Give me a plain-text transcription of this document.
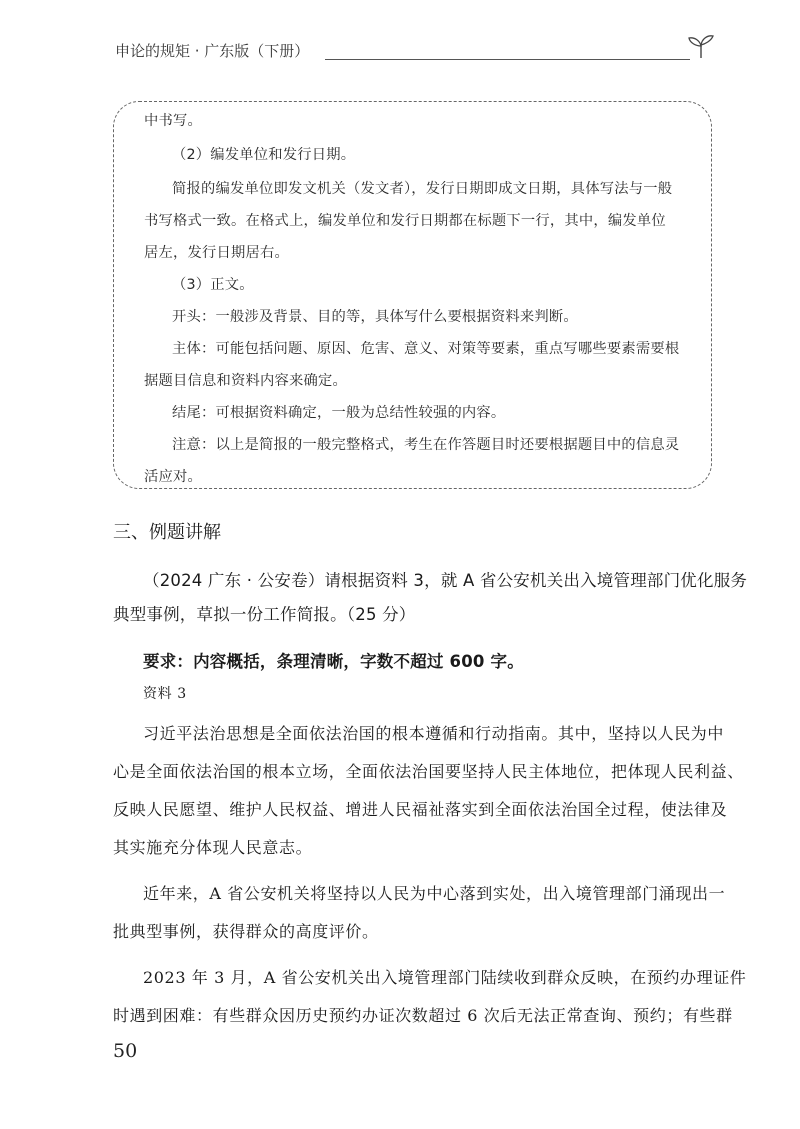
申论的规矩 · 广东版（下册）
中书写。
（2）编发单位和发行日期。
简报的编发单位即发文机关（发文者），发行日期即成文日期，具体写法与一般
书写格式一致。在格式上，编发单位和发行日期都在标题下一行，其中，编发单位
居左，发行日期居右。
（3）正文。
开头：一般涉及背景、目的等，具体写什么要根据资料来判断。
主体：可能包括问题、原因、危害、意义、对策等要素，重点写哪些要素需要根
据题目信息和资料内容来确定。
结尾：可根据资料确定，一般为总结性较强的内容。
注意：以上是简报的一般完整格式，考生在作答题目时还要根据题目中的信息灵
活应对。
三、例题讲解
（2024 广东 · 公安卷）请根据资料 3，就 A 省公安机关出入境管理部门优化服务
典型事例，草拟一份工作简报。（25 分）
要求：内容概括，条理清晰，字数不超过 600 字。
资料 3
习近平法治思想是全面依法治国的根本遵循和行动指南。其中，坚持以人民为中
心是全面依法治国的根本立场，全面依法治国要坚持人民主体地位，把体现人民利益、
反映人民愿望、维护人民权益、增进人民福祉落实到全面依法治国全过程，使法律及
其实施充分体现人民意志。
近年来，A 省公安机关将坚持以人民为中心落到实处，出入境管理部门涌现出一
批典型事例，获得群众的高度评价。
2023 年 3 月，A 省公安机关出入境管理部门陆续收到群众反映，在预约办理证件
时遇到困难：有些群众因历史预约办证次数超过 6 次后无法正常查询、预约；有些群
50
